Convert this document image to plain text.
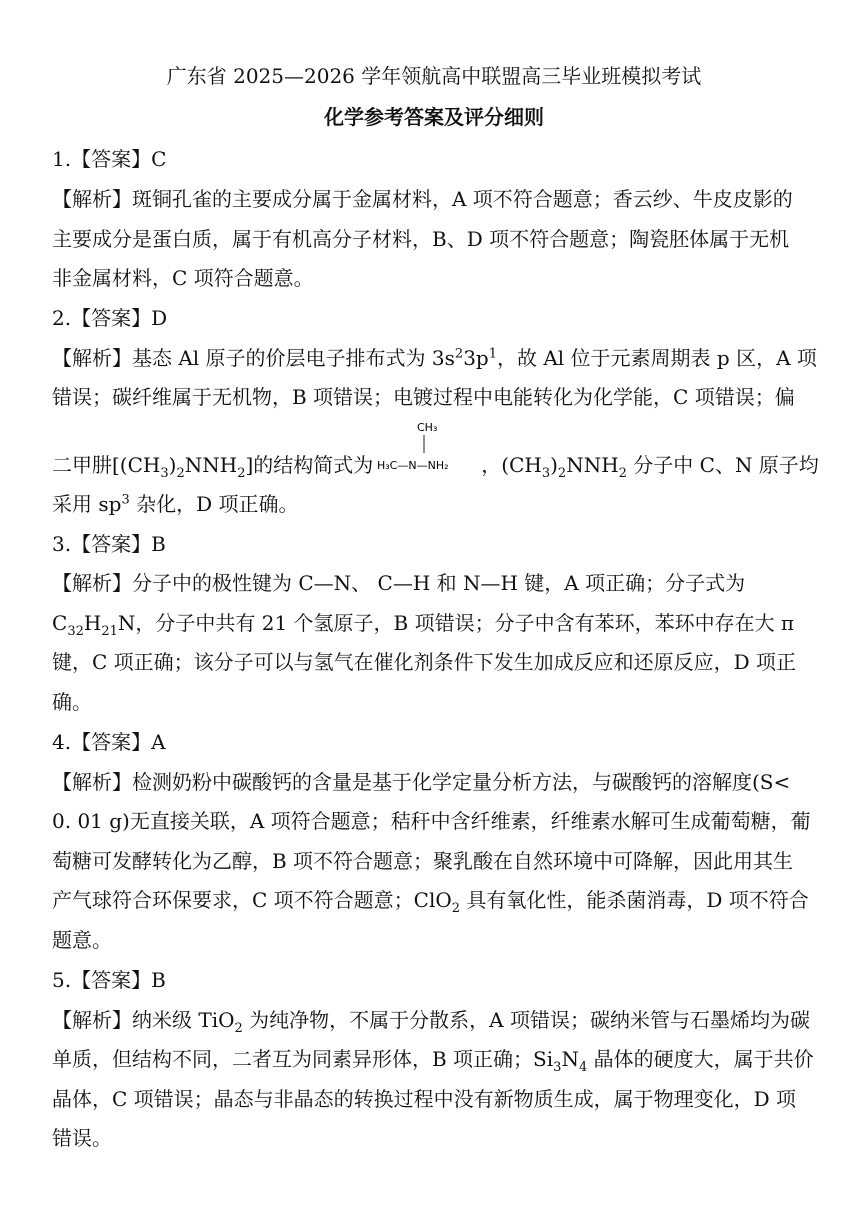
广东省 2025—2026 学年领航高中联盟高三毕业班模拟考试
化学参考答案及评分细则
1.【答案】C
【解析】斑铜孔雀的主要成分属于金属材料，A 项不符合题意；香云纱、牛皮皮影的
主要成分是蛋白质，属于有机高分子材料，B、D 项不符合题意；陶瓷胚体属于无机
非金属材料，C 项符合题意。
2.【答案】D
【解析】基态 Al 原子的价层电子排布式为 $3s^23p^1$，故 Al 位于元素周期表 p 区，A 项
错误；碳纤维属于无机物，B 项错误；电镀过程中电能转化为化学能，C 项错误；偏
二甲肼$[(CH_3)_2NNH_2]$的结构简式为
CH₃
H₃C—N—NH₂ ，$(CH_3)_2NNH_2$ 分子中 C、N 原子均
采用 $sp^3$ 杂化，D 项正确。
3.【答案】B
【解析】分子中的极性键为 C—N、 C—H 和 N—H 键，A 项正确；分子式为
$C_{32}H_{21}N$，分子中共有 21 个氢原子，B 项错误；分子中含有苯环，苯环中存在大 π
键，C 项正确；该分子可以与氢气在催化剂条件下发生加成反应和还原反应，D 项正
确。
4.【答案】A
【解析】检测奶粉中碳酸钙的含量是基于化学定量分析方法，与碳酸钙的溶解度(S<
0. 01 g)无直接关联，A 项符合题意；秸秆中含纤维素，纤维素水解可生成葡萄糖，葡
萄糖可发酵转化为乙醇，B 项不符合题意；聚乳酸在自然环境中可降解，因此用其生
产气球符合环保要求，C 项不符合题意；ClO$_2$ 具有氧化性，能杀菌消毒，D 项不符合
题意。
5.【答案】B
【解析】纳米级 TiO$_2$ 为纯净物，不属于分散系，A 项错误；碳纳米管与石墨烯均为碳
单质，但结构不同，二者互为同素异形体，B 项正确；$Si_3N_4$ 晶体的硬度大，属于共价
晶体，C 项错误；晶态与非晶态的转换过程中没有新物质生成，属于物理变化，D 项
错误。
